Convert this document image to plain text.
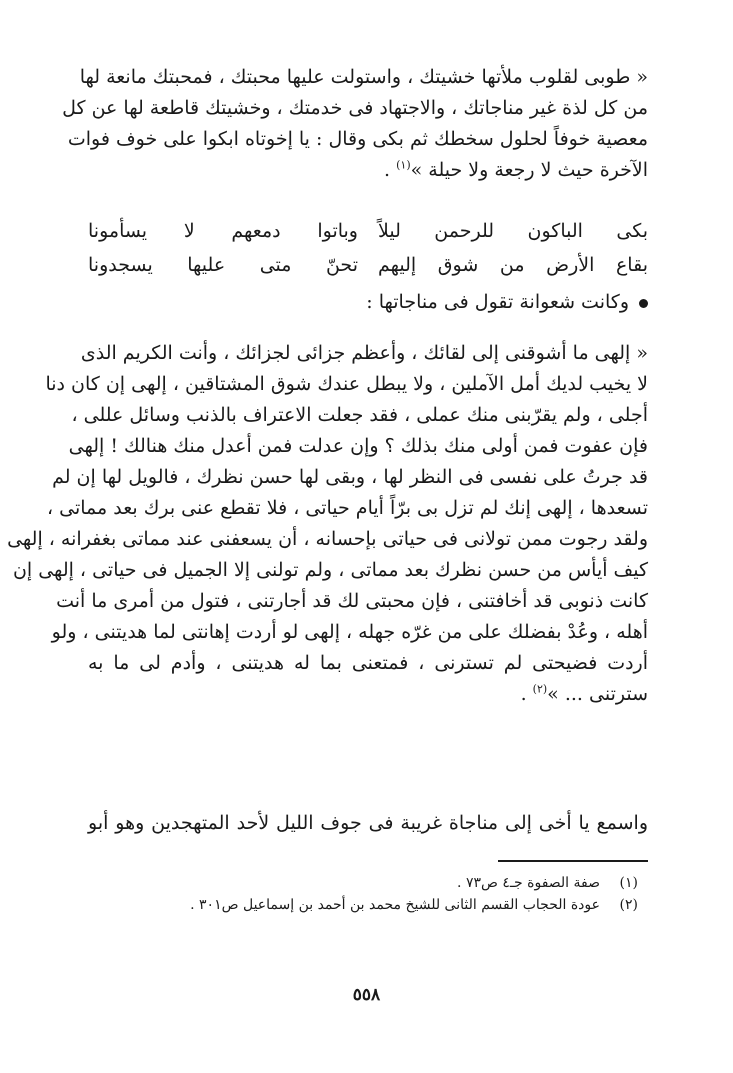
« طوبى لقلوب ملأتها خشيتك ، واستولت عليها محبتك ، فمحبتك مانعة لها
من كل لذة غير مناجاتك ، والاجتهاد فى خدمتك ، وخشيتك قاطعة لها عن كل
معصية خوفاً لحلول سخطك ثم بكى وقال : يا إخوتاه ابكوا على خوف فوات
الآخرة حيث لا رجعة ولا حيلة »$^{(١)}$ .
بكى الباكون للرحمن ليلاً
وباتوا دمعهم لا يسأمونا
بقاع الأرض من شوق إليهم
تحنّ متى عليها يسجدونا
وكانت شعوانة تقول فى مناجاتها :
« إلهى ما أشوقنى إلى لقائك ، وأعظم جزائى لجزائك ، وأنت الكريم الذى
لا يخيب لديك أمل الآملين ، ولا يبطل عندك شوق المشتاقين ، إلهى إن كان دنا
أجلى ، ولم يقرّبنى منك عملى ، فقد جعلت الاعتراف بالذنب وسائل عللى ،
فإن عفوت فمن أولى منك بذلك ؟ وإن عدلت فمن أعدل منك هنالك ! إلهى
قد جرتُ على نفسى فى النظر لها ، وبقى لها حسن نظرك ، فالويل لها إن لم
تسعدها ، إلهى إنك لم تزل بى برّاً أيام حياتى ، فلا تقطع عنى برك بعد مماتى ،
ولقد رجوت ممن تولانى فى حياتى بإحسانه ، أن يسعفنى عند مماتى بغفرانه ، إلهى
كيف أيأس من حسن نظرك بعد مماتى ، ولم تولنى إلا الجميل فى حياتى ، إلهى إن
كانت ذنوبى قد أخافتنى ، فإن محبتى لك قد أجارتنى ، فتول من أمرى ما أنت
أهله ، وعُدْ بفضلك على من غرّه جهله ، إلهى لو أردت إهانتى لما هديتنى ، ولو
أردت فضيحتى لم تسترنى ، فمتعنى بما له هديتنى ، وأدم لى ما به
سترتنى ... »$^{(٢)}$ .
واسمع يا أخى إلى مناجاة غريبة فى جوف الليل لأحد المتهجدين وهو أبو
(١)صفة الصفوة جـ٤ ص٧٣ .
(٢)عودة الحجاب القسم الثانى للشيخ محمد بن أحمد بن إسماعيل ص٣٠١ .
٥٥٨
